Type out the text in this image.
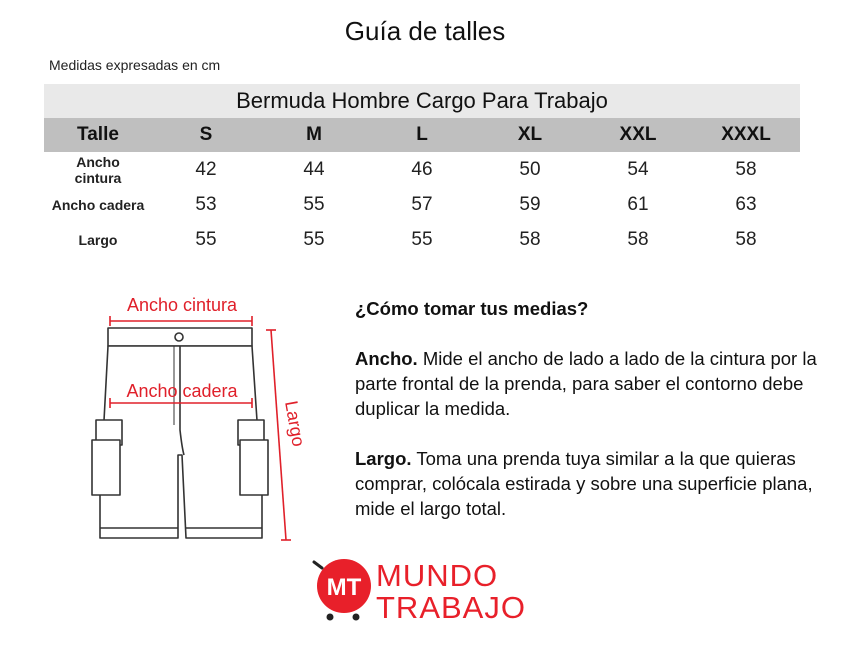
Guía de talles
Medidas expresadas en cm
Bermuda Hombre Cargo Para Trabajo
Talle	S	M	L	XL	XXL	XXXL
Ancho
cintura	42	44	46	50	54	58
Ancho cadera	53	55	57	59	61	63
Largo	55	55	55	58	58	58
Ancho cintura
Ancho cadera
Largo
¿Cómo tomar tus medias?

Ancho. Mide el ancho de lado a lado de la cintura por la parte frontal de la prenda, para saber el contorno debe duplicar la medida.

Largo. Toma una prenda tuya similar a la que quieras comprar, colócala estirada y sobre una superficie plana, mide el largo total.

MT MUNDO
TRABAJO
